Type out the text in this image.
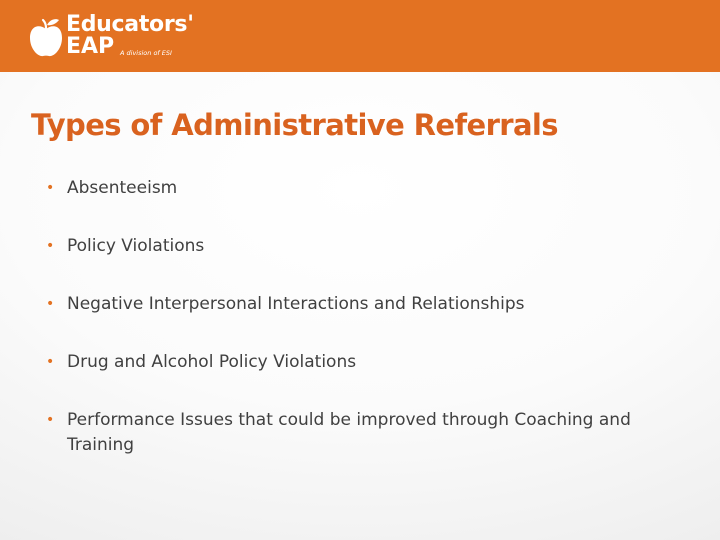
Educators'
EAP A division of ESI
Types of Administrative Referrals
• Absenteeism
• Policy Violations
• Negative Interpersonal Interactions and Relationships
• Drug and Alcohol Policy Violations
• Performance Issues that could be improved through Coaching and Training
